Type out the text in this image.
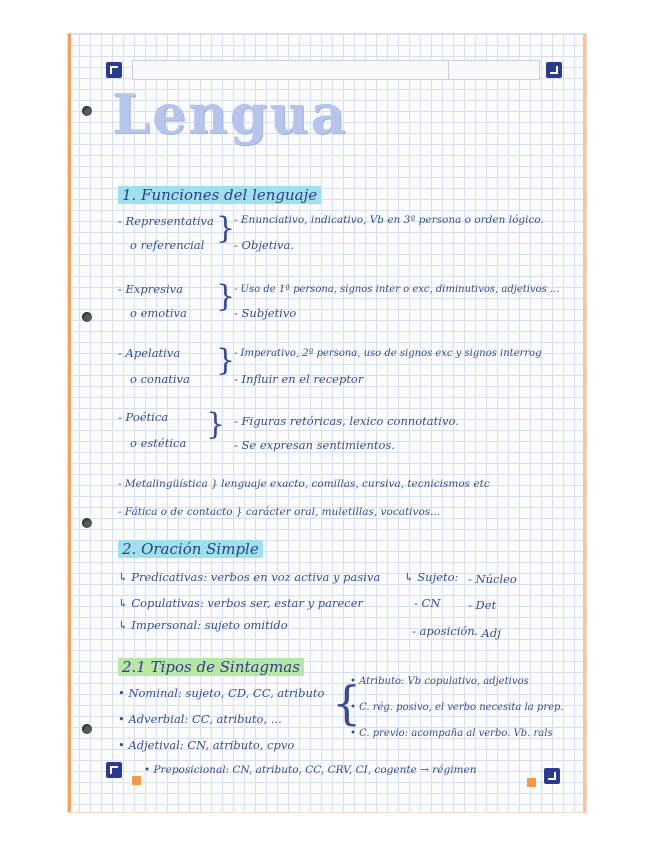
Lengua
1. Funciones del lenguaje
- Representativa
o referencial }
- Enunciativo, indicativo, Vb en 3ª persona o orden lógico.
- Objetiva.
- Expresiva
o emotiva }
- Uso de 1ª persona, signos inter o exc, diminutivos, adjetivos ...
- Subjetivo
- Apelativa
o conativa
}
- Imperativo, 2ª persona, uso de signos exc y signos interrog
- Influir en el receptor
- Poética
o estética
} - Figuras retóricas, lexico connotativo.
- Se expresan sentimientos.
- Metalingüística } lenguaje exacto, comillas, cursiva, tecnicismos etc
- Fática o de contacto } carácter oral, muletillas, vocativos...
2. Oración Simple
↳ Predicativas: verbos en voz activa y pasiva
↳ Copulativas: verbos ser, estar y parecer
↳ Impersonal: sujeto omitido
↳ Sujeto: - Núcleo
- CN - Det
- aposición - Adj
2.1 Tipos de Sintagmas
• Nominal: sujeto, CD, CC, atributo
• Adverbial: CC, atributo, ...
• Adjetival: CN, atributo, cpvo
• Preposicional: CN, atributo, CC, CRV, CI, cogente → régimen
{
• Atributo: Vb copulativo, adjetivos
• C. rég. posivo, el verbo necesita la prep.
• C. previo: acompaña al verbo. Vb. rals
